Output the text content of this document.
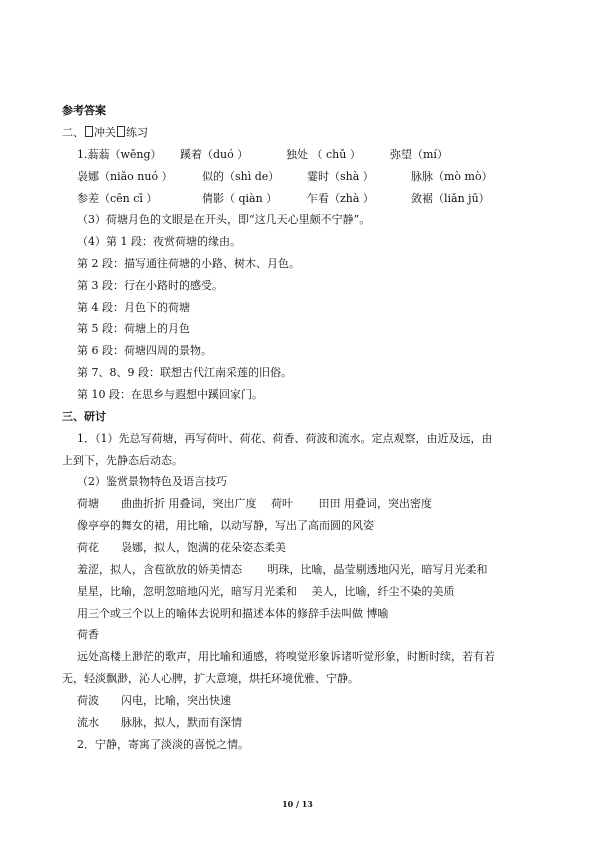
参考答案
二、 冲关 练习
1.蓊蓊（wěng） 蹊着（duó ）	独处 （ chǔ ）	弥望（mí）
袅娜（niǎo nuó ）	似的（shì de）	霎时（shà ）	脉脉（mò mò）
参差（cēn cī ）	倩影（ qiàn ）	乍看（zhà ）	敛裾（liǎn jū）
（3）荷塘月色的文眼是在开头，即“这几天心里颇不宁静”。
（4）第 1 段：夜赏荷塘的缘由。
第 2 段：描写通往荷塘的小路、树木、月色。
第 3 段：行在小路时的感受。
第 4 段：月色下的荷塘
第 5 段：荷塘上的月色
第 6 段：荷塘四周的景物。
第 7、8、9 段：联想古代江南采莲的旧俗。
第 10 段：在思乡与遐想中蹊回家门。
三、研讨
1．（1）先总写荷塘，再写荷叶、荷花、荷香、荷波和流水。定点观察，由近及远，由
上到下，先静态后动态。
（2）鉴赏景物特色及语言技巧
荷塘　　曲曲折折 用叠词，突出广度　 荷叶　　 田田 用叠词，突出密度
像亭亭的舞女的裙，用比喻，以动写静，写出了高而圆的风姿
荷花　　袅娜，拟人，饱满的花朵姿态柔美
羞涩，拟人，含苞欲放的娇美情态　　 明珠，比喻，晶莹剔透地闪光，暗写月光柔和
星星，比喻，忽明忽暗地闪光，暗写月光柔和　 美人，比喻，纤尘不染的美质
用三个或三个以上的喻体去说明和描述本体的修辞手法叫做 博喻
荷香
远处高楼上渺茫的歌声，用比喻和通感，将嗅觉形象诉诸听觉形象，时断时续，若有若
无，轻淡飘渺，沁人心脾，扩大意境，烘托环境优雅、宁静。
荷波　　闪电，比喻，突出快速
流水　　脉脉，拟人，默而有深情
2．宁静，寄寓了淡淡的喜悦之情。
10 / 13
